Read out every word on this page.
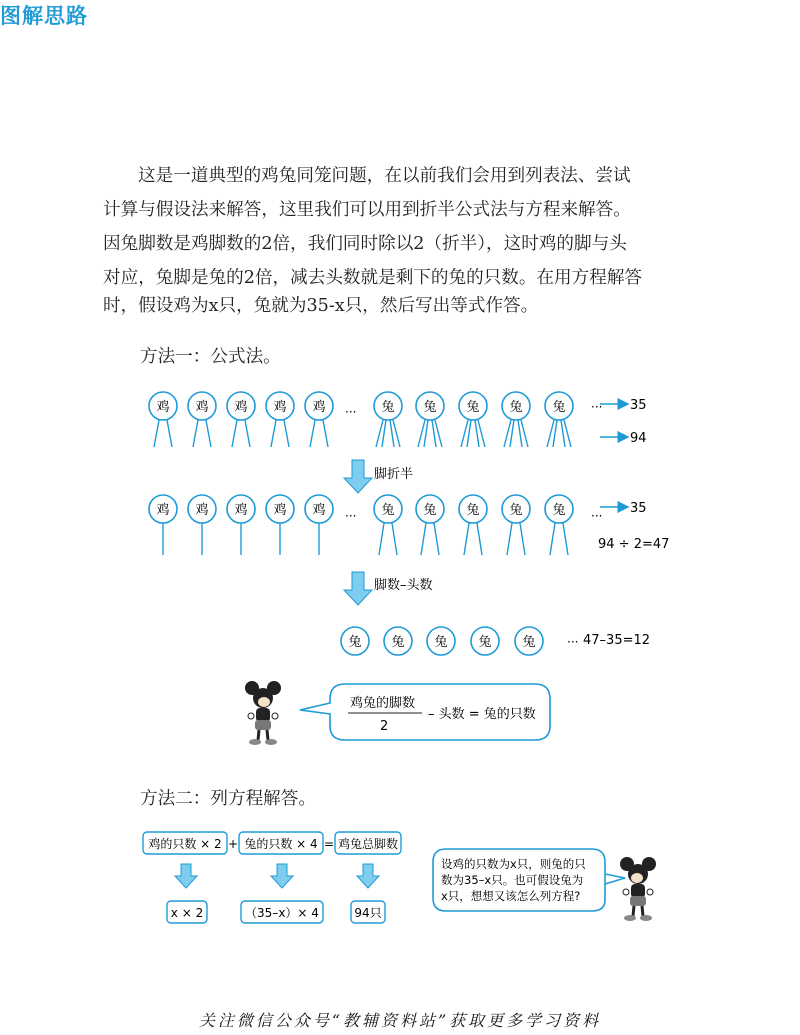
图解思路
这是一道典型的鸡兔同笼问题，在以前我们会用到列表法、尝试
计算与假设法来解答，这里我们可以用到折半公式法与方程来解答。
因兔脚数是鸡脚数的2倍，我们同时除以2（折半），这时鸡的脚与头
对应，兔脚是兔的2倍，减去头数就是剩下的兔的只数。在用方程解答
时，假设鸡为x只，兔就为35-x只，然后写出等式作答。
方法一：公式法。
鸡 鸡 鸡 鸡 鸡	兔 兔 兔 兔 兔
···	···
鸡 鸡 鸡 鸡 鸡	兔 兔 兔 兔 兔
···	···
兔 兔 兔 兔 兔	···
35
94
35
94 ÷ 2=47
脚折半
脚数–头数
47–35=12
鸡兔的脚数
2
– 头数 = 兔的只数
鸡的只数 × 2 + 兔的只数 × 4 = 鸡兔总脚数
x × 2	（35–x）× 4	94只
设鸡的只数为x只，则兔的只
数为35–x只。也可假设兔为
x只，想想又该怎么列方程?
方法二：列方程解答。
关注微信公众号“教辅资料站”获取更多学习资料
